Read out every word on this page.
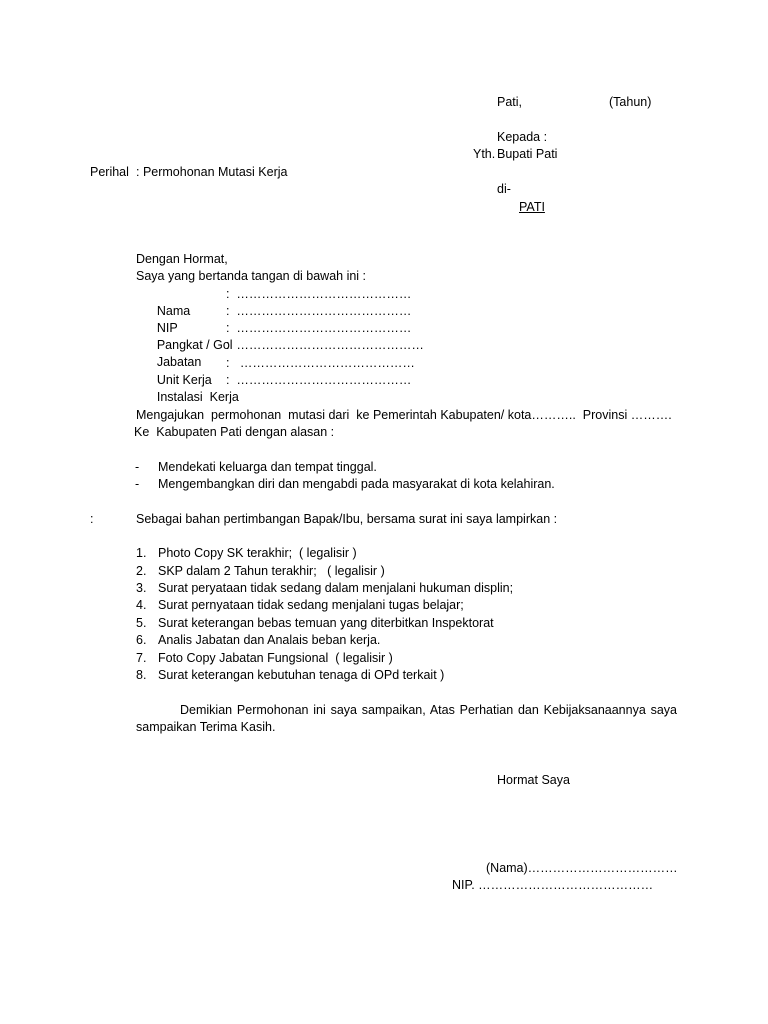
Pati,	(Tahun)
Kepada :
Yth. Bupati Pati
di-
PATI
Perihal : Permohonan Mutasi Kerja
Dengan Hormat,
Saya yang bertanda tangan di bawah ini :

Nama

:  ……………………………………

NIP

:  ……………………………………

Pangkat / Gol

:  ……………………………………

Jabatan

:  ………………………………………

Unit Kerja

:   ……………………………………

Instalasi  Kerja

:  ……………………………………
Mengajukan  permohonan  mutasi dari  ke Pemerintah Kabupaten/ kota………..  Provinsi ……….
Ke  Kabupaten Pati dengan alasan :
- Mendekati keluarga dan tempat tinggal.
- Mengembangkan diri dan mengabdi pada masyarakat di kota kelahiran.
:	Sebagai bahan pertimbangan Bapak/Ibu, bersama surat ini saya lampirkan :
1. Photo Copy SK terakhir;  ( legalisir )
2. SKP dalam 2 Tahun terakhir;   ( legalisir )
3. Surat peryataan tidak sedang dalam menjalani hukuman displin;
4. Surat pernyataan tidak sedang menjalani tugas belajar;
5. Surat keterangan bebas temuan yang diterbitkan Inspektorat
6. Analis Jabatan dan Analais beban kerja.
7. Foto Copy Jabatan Fungsional  ( legalisir )
8. Surat keterangan kebutuhan tenaga di OPd terkait )
Demikian Permohonan ini saya sampaikan, Atas Perhatian dan Kebijaksanaannya saya sampaikan Terima Kasih.
Hormat Saya
(Nama)………………………………
NIP. ……………………………………
